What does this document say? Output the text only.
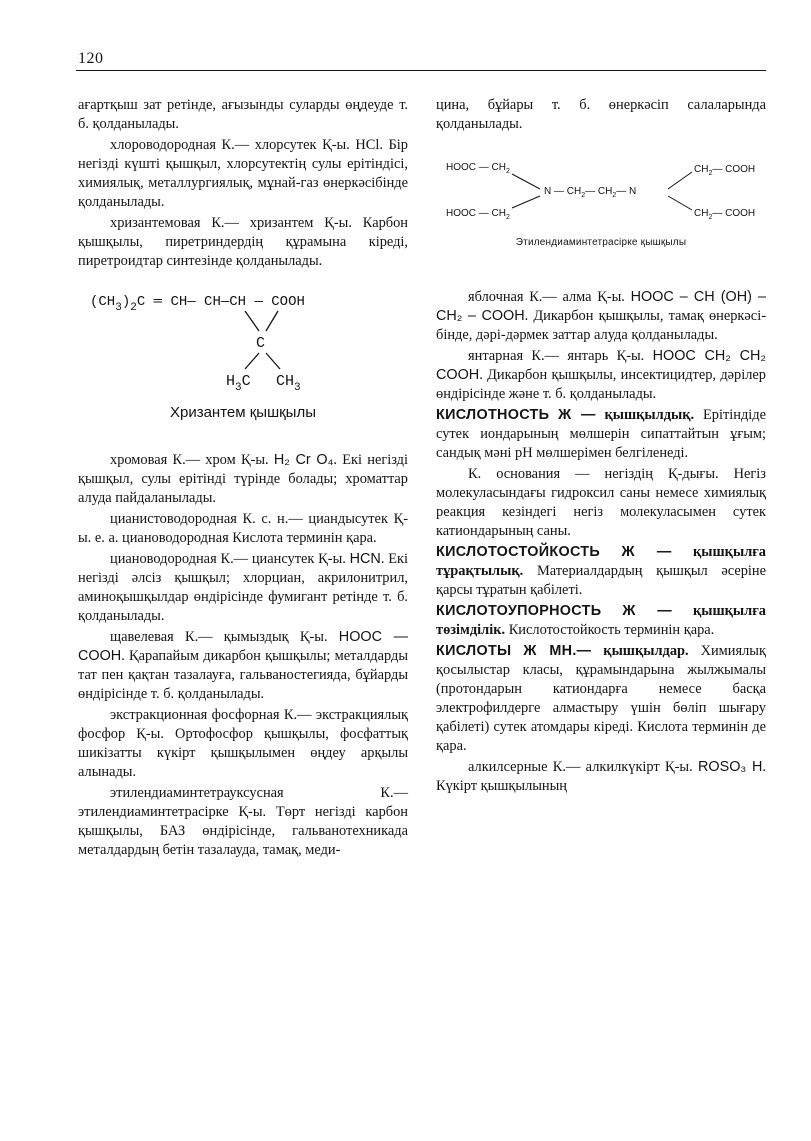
120

ағартқыш зат ретінде, ағызынды суларды өңдеуде т. б. қолданылады.

хлороводородная К.— хлорсутек Қ-ы. HCl. Бір негізді күшті қышқыл, хлорсутектің сулы ерітіндісі, химиялық, металлургиялық, мұнай-газ өнеркәсібінде қолданылады.

хризантемовая К.— хризантем Қ-ы. Карбон қышқылы, пиретриндердің құрамына кіреді, пиретроидтар синтезінде қолданылады.

$(CH_3)_2C$ ═ CH— CH—CH — COOH
C
$H_3C$ $CH_3$
Хризантем қышқылы

хромовая К.— хром Қ-ы. H₂ Cr O₄. Екі негізді қышқыл, сулы ерітінді түрінде болады; хроматтар алуда пайдаланылады.

цианистоводородная К. с. н.— циандысутек Қ-ы. е. а. циановодородная Кислота терминін қара.

циановодородная К.— циансутек Қ-ы. HCN. Екі негізді әлсіз қышқыл; хлорциан, акрилонитрил, аминоқышқылдар өндірісінде фумигант ретінде т. б. қолданылады.

щавелевая К.— қымыздық Қ-ы. HOOC — COOH. Қарапайым дикарбон қышқылы; металдарды тат пен қақтан тазалауға, гальваностегияда, бұйарды өндірісінде т. б. қолданылады.

экстракционная фосфорная К.— экстракциялық фосфор Қ-ы. Ортофосфор қышқылы, фосфаттық шикізатты күкірт қышқылымен өңдеу арқылы алынады.

этилендиаминтетрауксусная К.— этилендиаминтетрасірке Қ-ы. Төрт негізді карбон қышқылы, БАЗ өндірісінде, гальванотехникада металдардың бетін тазалауда, тамақ, меди-

цина, бұйары т. б. өнеркәсіп салаларында қолданылады.

HOOC — $CH_2$
HOOC — $CH_2$
N — $CH_2—$ $CH_2—$ N
$CH_2—$ COOH
$CH_2—$ COOH
Этилендиаминтетрасірке қышқылы

яблочная К.— алма Қ-ы. HOOC – CH (OH) – CH₂ – COOH. Дикарбон қышқылы, тамақ өнеркәсі-бінде, дәрі-дәрмек заттар алуда қолданылады.

янтарная К.— янтарь Қ-ы. HOOC CH₂ CH₂ COOH. Дикарбон қышқылы, инсектицидтер, дәрілер өндірісінде және т. б. қолданылады.

КИСЛОТНОСТЬ Ж — қышқылдық. Ерітіндіде сутек иондарының мөлшерін сипаттайтын ұғым; сандық мәні pH мөлшерімен белгіленеді.

К. основания — негіздің Қ-дығы. Негіз молекуласындағы гидроксил саны немесе химиялық реакция кезіндегі негіз молекуласымен сутек катиондарының саны.

КИСЛОТОСТОЙКОСТЬ Ж — қышқылға тұрақтылық. Материалдардың қышқыл әсеріне қарсы тұратын қабілеті.

КИСЛОТОУПОРНОСТЬ Ж — қышқылға төзімділік. Кислотостойкость терминін қара.

КИСЛОТЫ Ж МН.— қышқылдар. Химиялық қосылыстар класы, құрамындарына жылжымалы (протондарын катиондарға немесе басқа электрофилдерге алмастыру үшін бөліп шығару қабілеті) сутек атомдары кіреді. Кислота терминін де қара.

алкилсерные К.— алкилкүкірт Қ-ы. ROSO₃ H. Күкірт қышқылының
